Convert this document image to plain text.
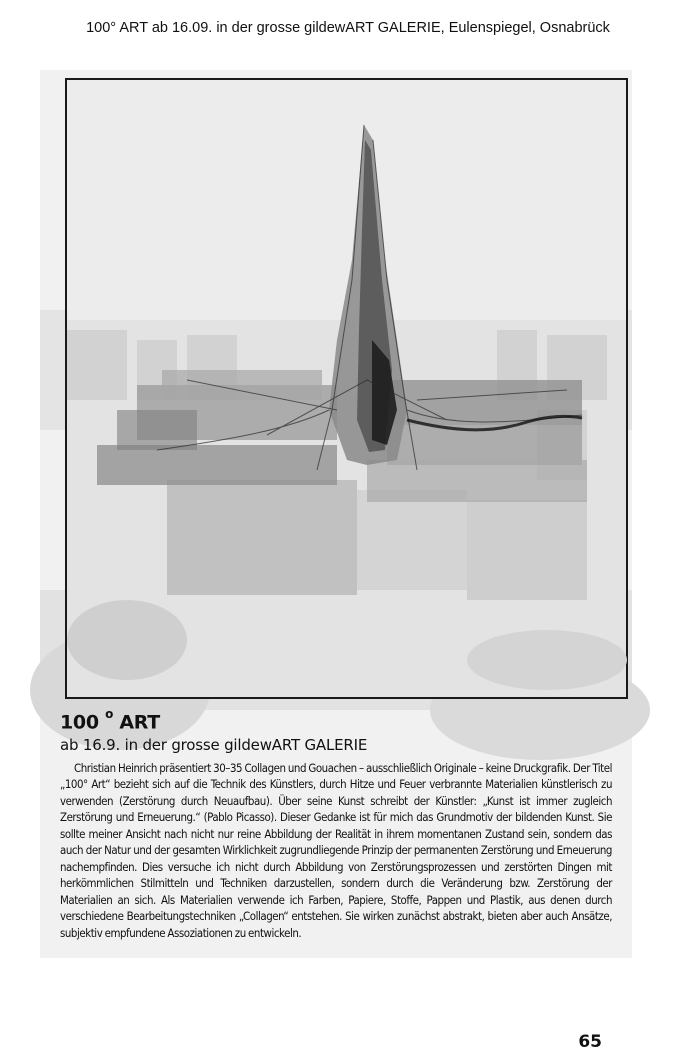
100° ART ab 16.09. in der grosse gildewART GALERIE, Eulenspiegel, Osnabrück
100 $^o$ ART
ab 16.9. in der grosse gildewART GALERIE

Christian Heinrich präsentiert 30–35 Collagen und Gouachen – ausschließlich Originale – keine Druckgrafik. Der Titel „100° Art“ bezieht sich auf die Technik des Künstlers, durch Hitze und Feuer verbrannte Materialien künstlerisch zu verwenden (Zerstörung durch Neuaufbau). Über seine Kunst schreibt der Künstler: „Kunst ist immer zugleich Zerstörung und Erneuerung.“ (Pablo Picasso). Dieser Gedanke ist für mich das Grundmotiv der bildenden Kunst. Sie sollte meiner Ansicht nach nicht nur reine Abbildung der Realität in ihrem momentanen Zustand sein, sondern das auch der Natur und der gesamten Wirklichkeit zugrundliegende Prinzip der permanenten Zerstörung und Erneuerung nachempfinden. Dies versuche ich nicht durch Abbildung von Zerstörungsprozessen und zerstörten Dingen mit herkömmlichen Stilmitteln und Techniken darzustellen, sondern durch die Veränderung bzw. Zerstörung der Materialien an sich. Als Materialien verwende ich Farben, Papiere, Stoffe, Pappen und Plastik, aus denen durch verschiedene Bearbeitungstechniken „Collagen“ entstehen. Sie wirken zunächst abstrakt, bieten aber auch Ansätze, subjektiv empfundene Assoziationen zu entwickeln.

65
